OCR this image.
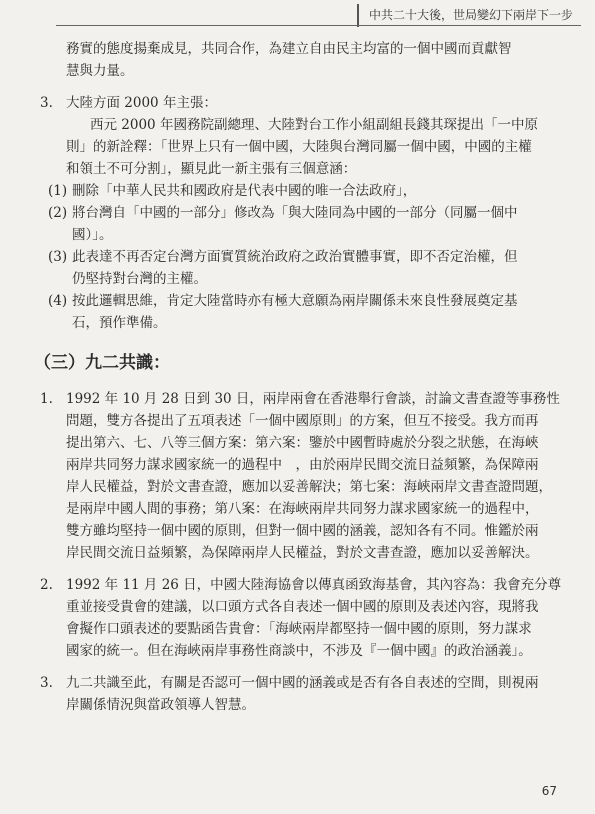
中共二十大後，世局變幻下兩岸下一步
務實的態度揚棄成見，共同合作，為建立自由民主均富的一個中國而貢獻智
慧與力量。
3. 大陸方面 2000 年主張：
西元 2000 年國務院副總理、大陸對台工作小組副組長錢其琛提出「一中原
則」的新詮釋：「世界上只有一個中國，大陸與台灣同屬一個中國，中國的主權
和領土不可分割」，顯見此一新主張有三個意涵：
(1) 刪除「中華人民共和國政府是代表中國的唯一合法政府」，
(2) 將台灣自「中國的一部分」修改為「與大陸同為中國的一部分（同屬一個中
國）」。
(3) 此表達不再否定台灣方面實質統治政府之政治實體事實，即不否定治權，但
仍堅持對台灣的主權。
(4) 按此邏輯思維，肯定大陸當時亦有極大意願為兩岸關係未來良性發展奠定基
石，預作準備。
（三）九二共識：
1. 1992 年 10 月 28 日到 30 日，兩岸兩會在香港舉行會談，討論文書查證等事務性
問題，雙方各提出了五項表述「一個中國原則」的方案，但互不接受。我方而再
提出第六、七、八等三個方案：第六案：鑒於中國暫時處於分裂之狀態，在海峽
兩岸共同努力謀求國家統一的過程中　，由於兩岸民間交流日益頻繁，為保障兩
岸人民權益，對於文書查證，應加以妥善解決；第七案：海峽兩岸文書查證問題，
是兩岸中國人間的事務；第八案：在海峽兩岸共同努力謀求國家統一的過程中，
雙方雖均堅持一個中國的原則，但對一個中國的涵義，認知各有不同。惟鑑於兩
岸民間交流日益頻繁，為保障兩岸人民權益，對於文書查證，應加以妥善解決。
2. 1992 年 11 月 26 日，中國大陸海協會以傳真函致海基會，其內容為：我會充分尊
重並接受貴會的建議，以口頭方式各自表述一個中國的原則及表述內容，現將我
會擬作口頭表述的要點函告貴會：「海峽兩岸都堅持一個中國的原則，努力謀求
國家的統一。但在海峽兩岸事務性商談中，不涉及『一個中國』的政治涵義」。
3. 九二共識至此，有關是否認可一個中國的涵義或是否有各自表述的空間，則視兩
岸關係情況與當政領導人智慧。
67
